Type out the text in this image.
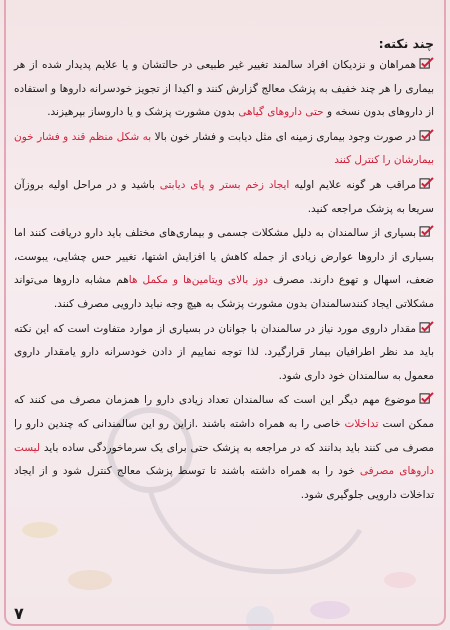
چند نکته:

همراهان و نزدیکان افراد سالمند تغییر غیر طبیعی در حالتشان و یا علایم پدیدار شده از هر بیماری را هر چند خفیف به پزشک معالج گزارش کنند و اکیدا از تجویز خودسرانه داروها و استفاده از داروهای بدون نسخه و حتی داروهای گیاهی بدون مشورت پزشک و یا داروساز بپرهیزند.

در صورت وجود بیماری زمینه ای مثل دیابت و فشار خون بالا به شکل منظم قند و فشار خون بیمارشان را کنترل کنند

مراقب هر گونه علایم اولیه ایجاد زخم بستر و پای دیابتی باشید و در مراحل اولیه بروزآن سریعا به پزشک مراجعه کنید.

بسیاری از سالمندان به دلیل مشکلات جسمی و بیماری‌های مختلف باید دارو دریافت کنند اما بسیاری از داروها عوارض زیادی از جمله کاهش یا افزایش اشتها، تغییر حس چشایی، یبوست، ضعف، اسهال و تهوع دارند. مصرف دوز بالای ویتامین‌ها و مکمل هاهم مشابه داروها می‌تواند مشکلاتی ایجاد کنندسالمندان بدون مشورت پزشک به هیچ وجه نباید دارویی مصرف کنند.

مقدار داروی مورد نیاز در سالمندان با جوانان در بسیاری از موارد متفاوت است که این نکته باید مد نظر اطرافیان بیمار قرارگیرد. لذا توجه نمایيم از دادن خودسرانه دارو یامقدار داروی معمول به سالمندان خود داری شود.

موضوع مهم دیگر این است که سالمندان تعداد زیادی دارو را همزمان مصرف می کنند که ممکن است تداخلات خاصی را به همراه داشته باشند .ازاین رو این سالمندانی که چندین دارو را مصرف می کنند باید بدانند که در مراجعه به پزشک حتی برای یک سرماخوردگی ساده باید لیست داروهای مصرفی خود را به همراه داشته باشند تا توسط پزشک معالج کنترل شود و از ایجاد تداخلات دارویی جلوگیری شود.

۷
